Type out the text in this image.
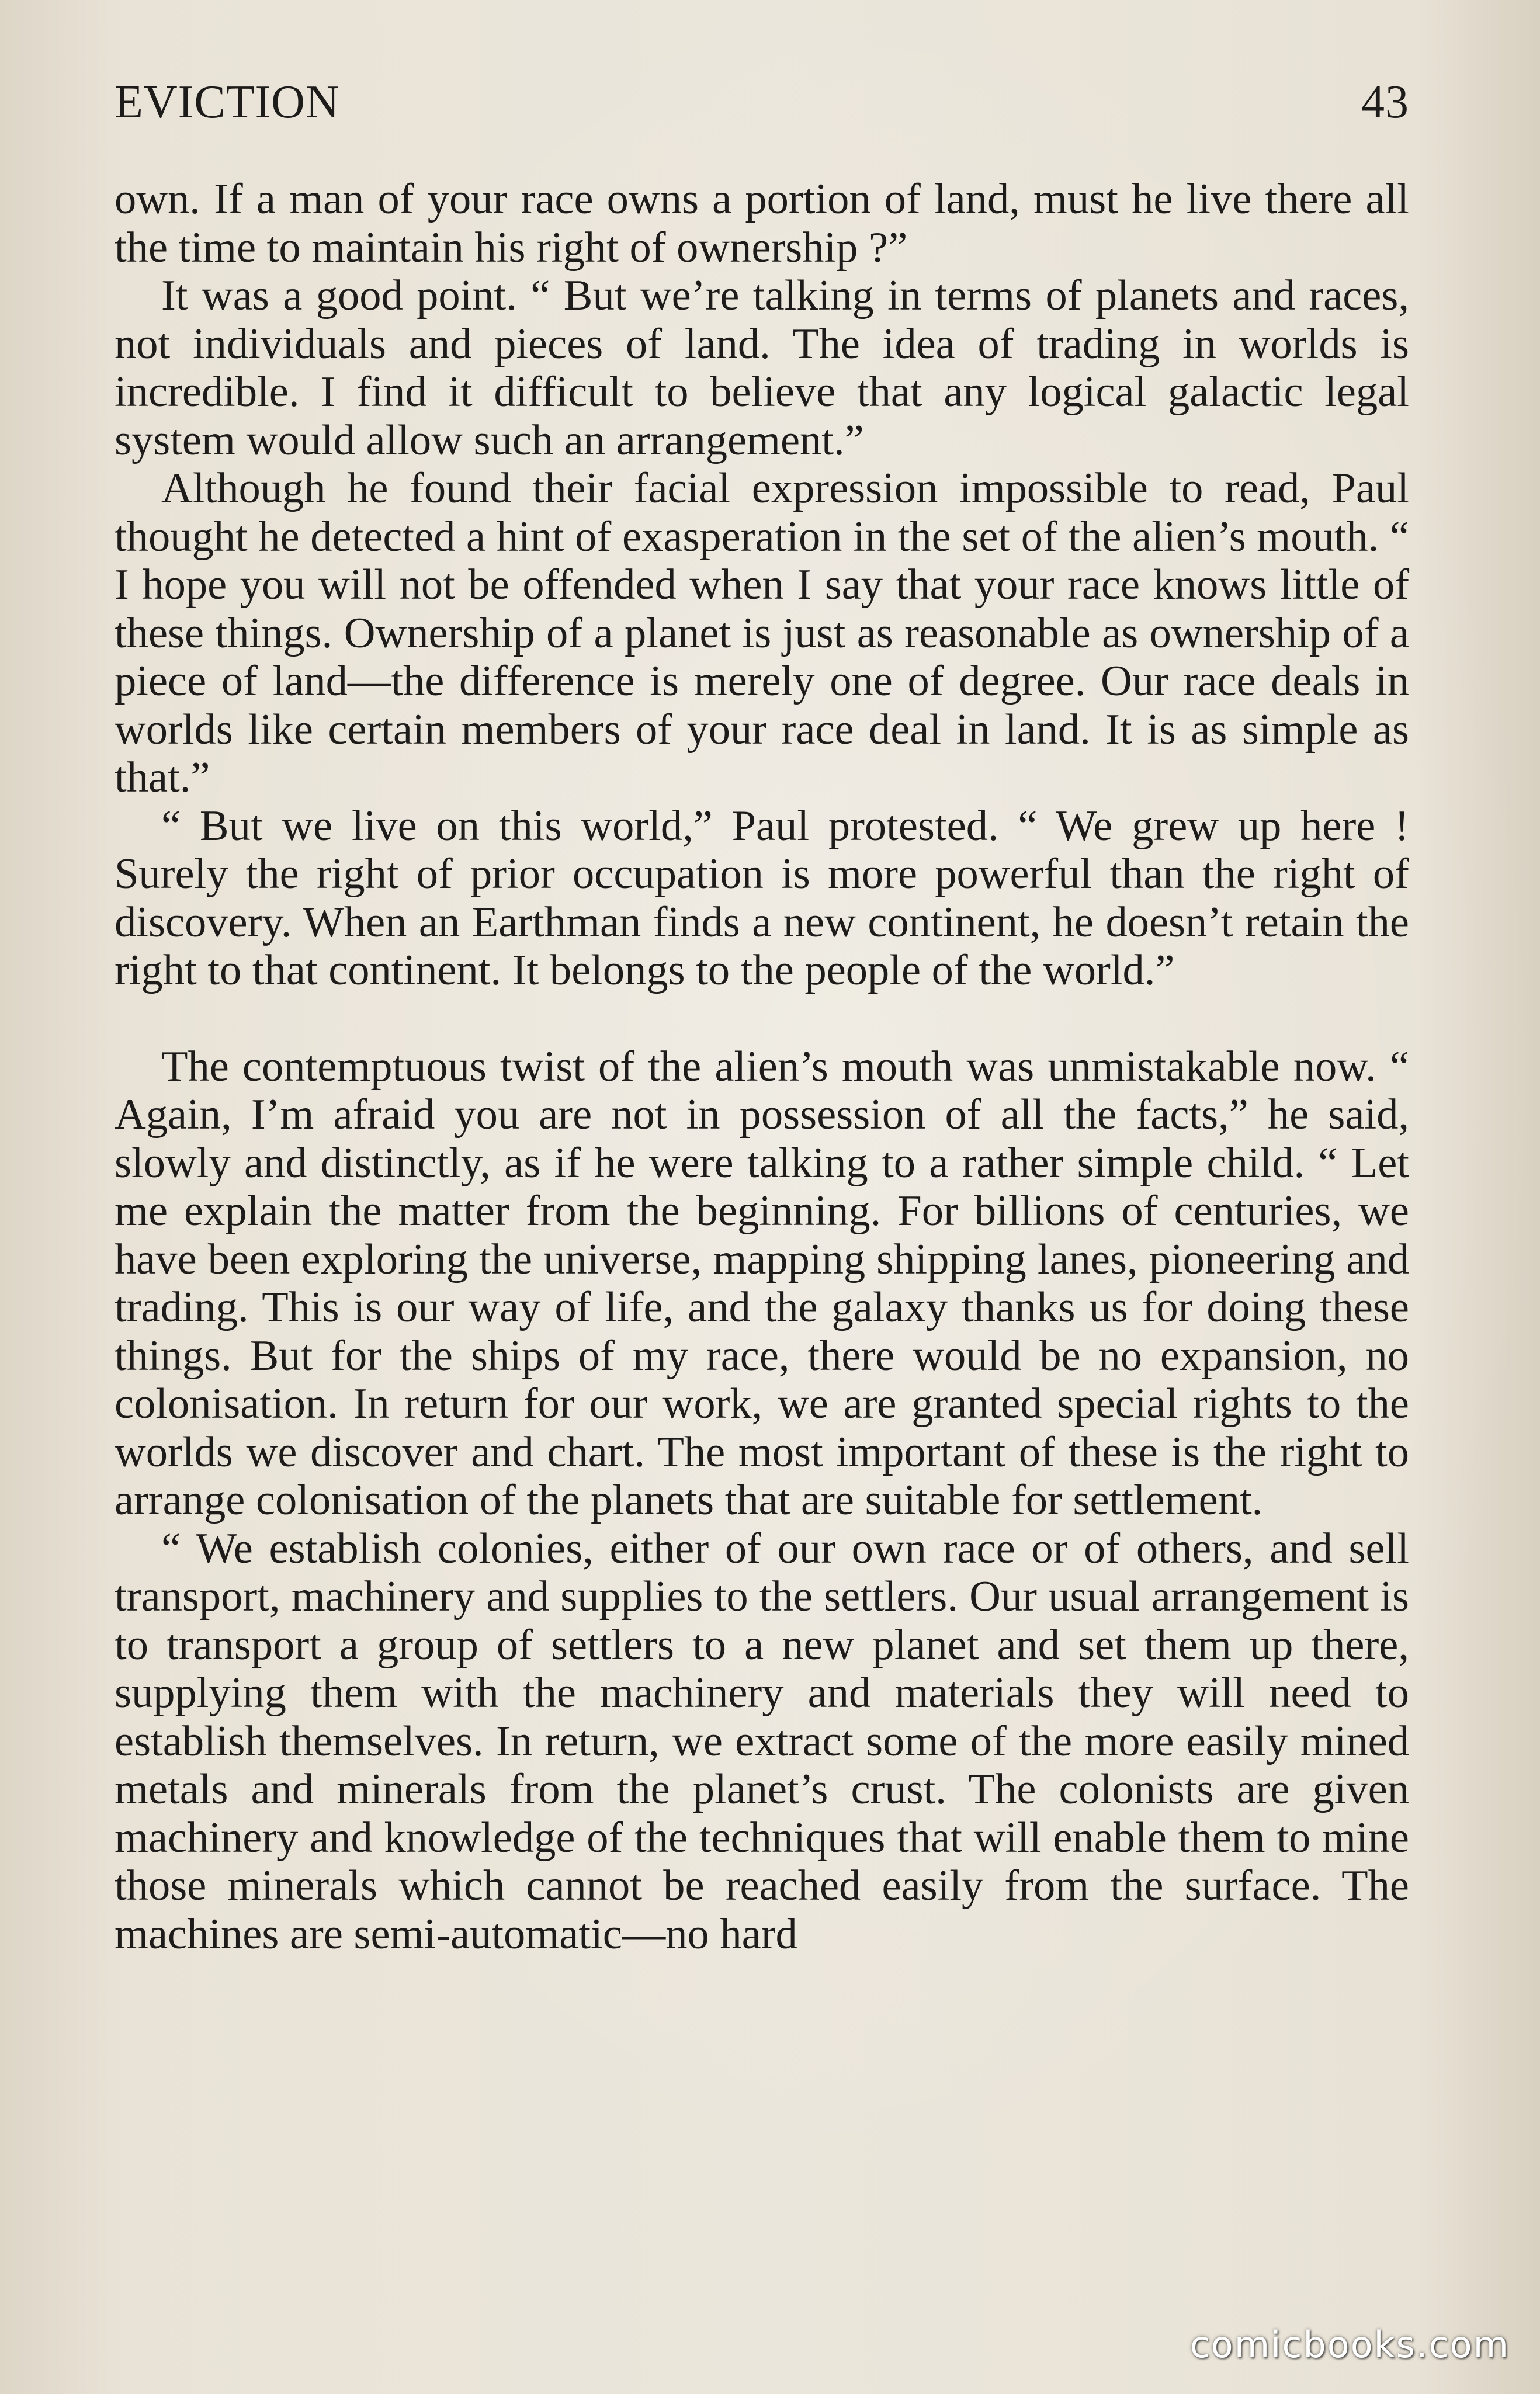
EVICTION	43

own. If a man of your race owns a portion of land, must he live there all the time to maintain his right of ownership ?”

It was a good point. “ But we’re talking in terms of planets and races, not individuals and pieces of land. The idea of trading in worlds is incredible. I find it difficult to believe that any logical galactic legal system would allow such an arrangement.”

Although he found their facial expression impossible to read, Paul thought he detected a hint of exasperation in the set of the alien’s mouth. “ I hope you will not be offended when I say that your race knows little of these things. Ownership of a planet is just as reasonable as ownership of a piece of land—the difference is merely one of degree. Our race deals in worlds like certain members of your race deal in land. It is as simple as that.”

“ But we live on this world,” Paul protested. “ We grew up here ! Surely the right of prior occupation is more powerful than the right of discovery. When an Earthman finds a new continent, he doesn’t retain the right to that continent. It belongs to the people of the world.”

The contemptuous twist of the alien’s mouth was unmistakable now. “ Again, I’m afraid you are not in possession of all the facts,” he said, slowly and distinctly, as if he were talking to a rather simple child. “ Let me explain the matter from the beginning. For billions of centuries, we have been exploring the universe, mapping shipping lanes, pioneering and trading. This is our way of life, and the galaxy thanks us for doing these things. But for the ships of my race, there would be no expansion, no colonisation. In return for our work, we are granted special rights to the worlds we discover and chart. The most important of these is the right to arrange colonisation of the planets that are suitable for settlement.

“ We establish colonies, either of our own race or of others, and sell transport, machinery and supplies to the settlers. Our usual arrangement is to transport a group of settlers to a new planet and set them up there, supplying them with the machinery and materials they will need to establish themselves. In return, we extract some of the more easily mined metals and minerals from the planet’s crust. The colonists are given machinery and knowledge of the techniques that will enable them to mine those minerals which cannot be reached easily from the surface. The machines are semi-automatic—no hard

comicbooks.com
